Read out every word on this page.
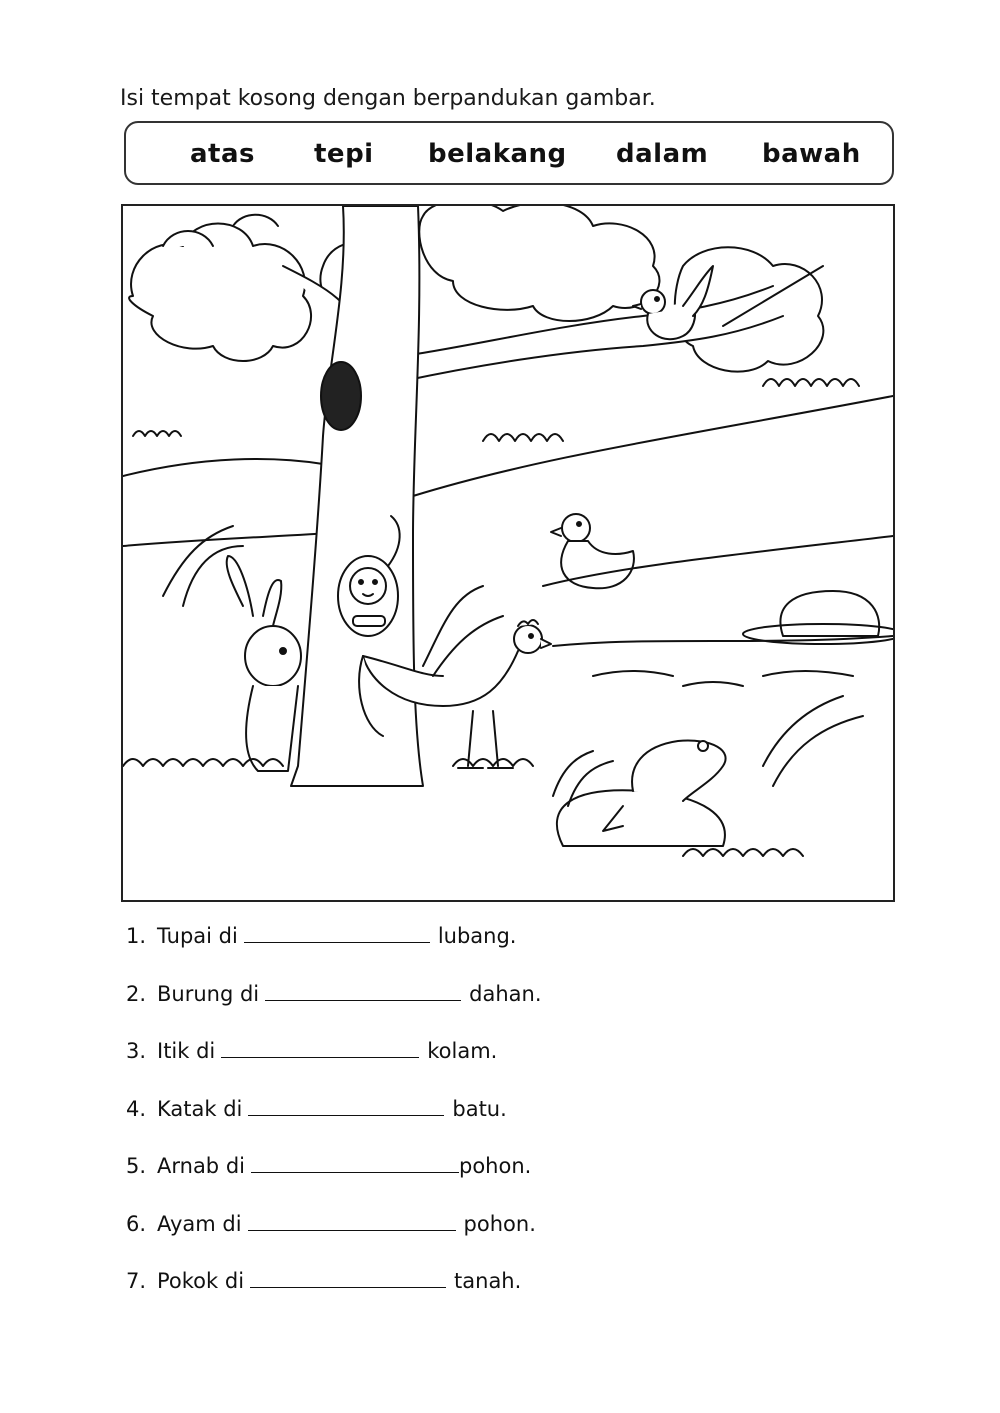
Isi tempat kosong dengan berpandukan gambar.
atas tepi belakang dalam bawah
1. Tupai di	lubang.
2. Burung di	dahan.
3. Itik di	kolam.
4. Katak di	batu.
5. Arnab di	pohon.
6. Ayam di	pohon.
7. Pokok di	tanah.
